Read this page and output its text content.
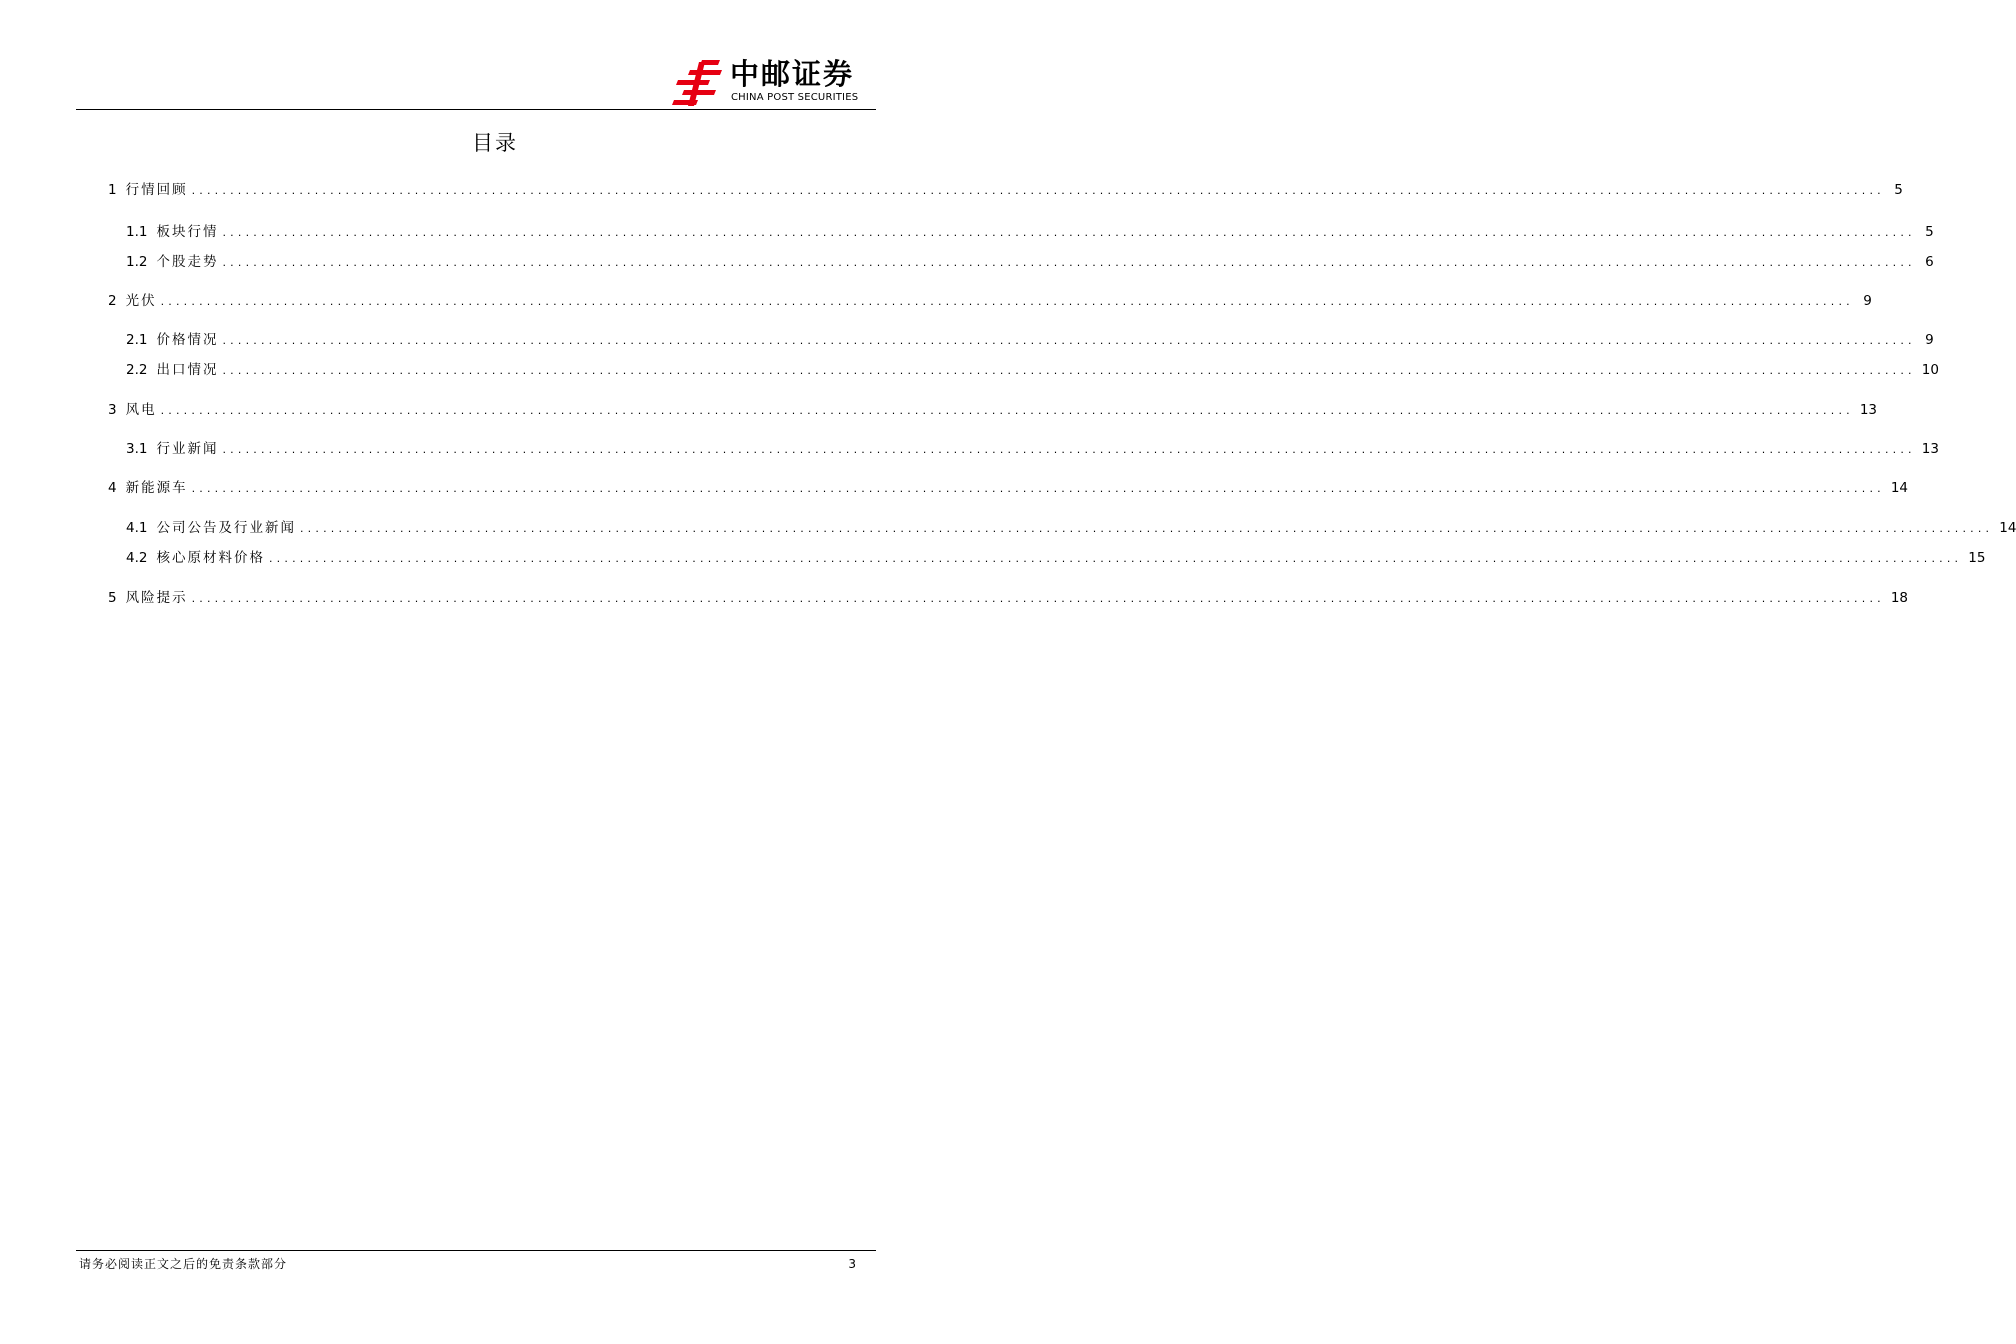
中邮证券
CHINA POST SECURITIES
目录
1 行情回顾 ............................................................................................................................................................................................................................ 5
1.1 板块行情 ............................................................................................................................................................................................................................ 5
1.2 个股走势 ............................................................................................................................................................................................................................ 6
2 光伏 ............................................................................................................................................................................................................................ 9
2.1 价格情况 ............................................................................................................................................................................................................................ 9
2.2 出口情况 ............................................................................................................................................................................................................................ 10
3 风电 ............................................................................................................................................................................................................................ 13
3.1 行业新闻 ............................................................................................................................................................................................................................ 13
4 新能源车 ............................................................................................................................................................................................................................ 14
4.1 公司公告及行业新闻 ............................................................................................................................................................................................................................ 14
4.2 核心原材料价格 ............................................................................................................................................................................................................................ 15
5 风险提示 ............................................................................................................................................................................................................................ 18
请务必阅读正文之后的免责条款部分	3
